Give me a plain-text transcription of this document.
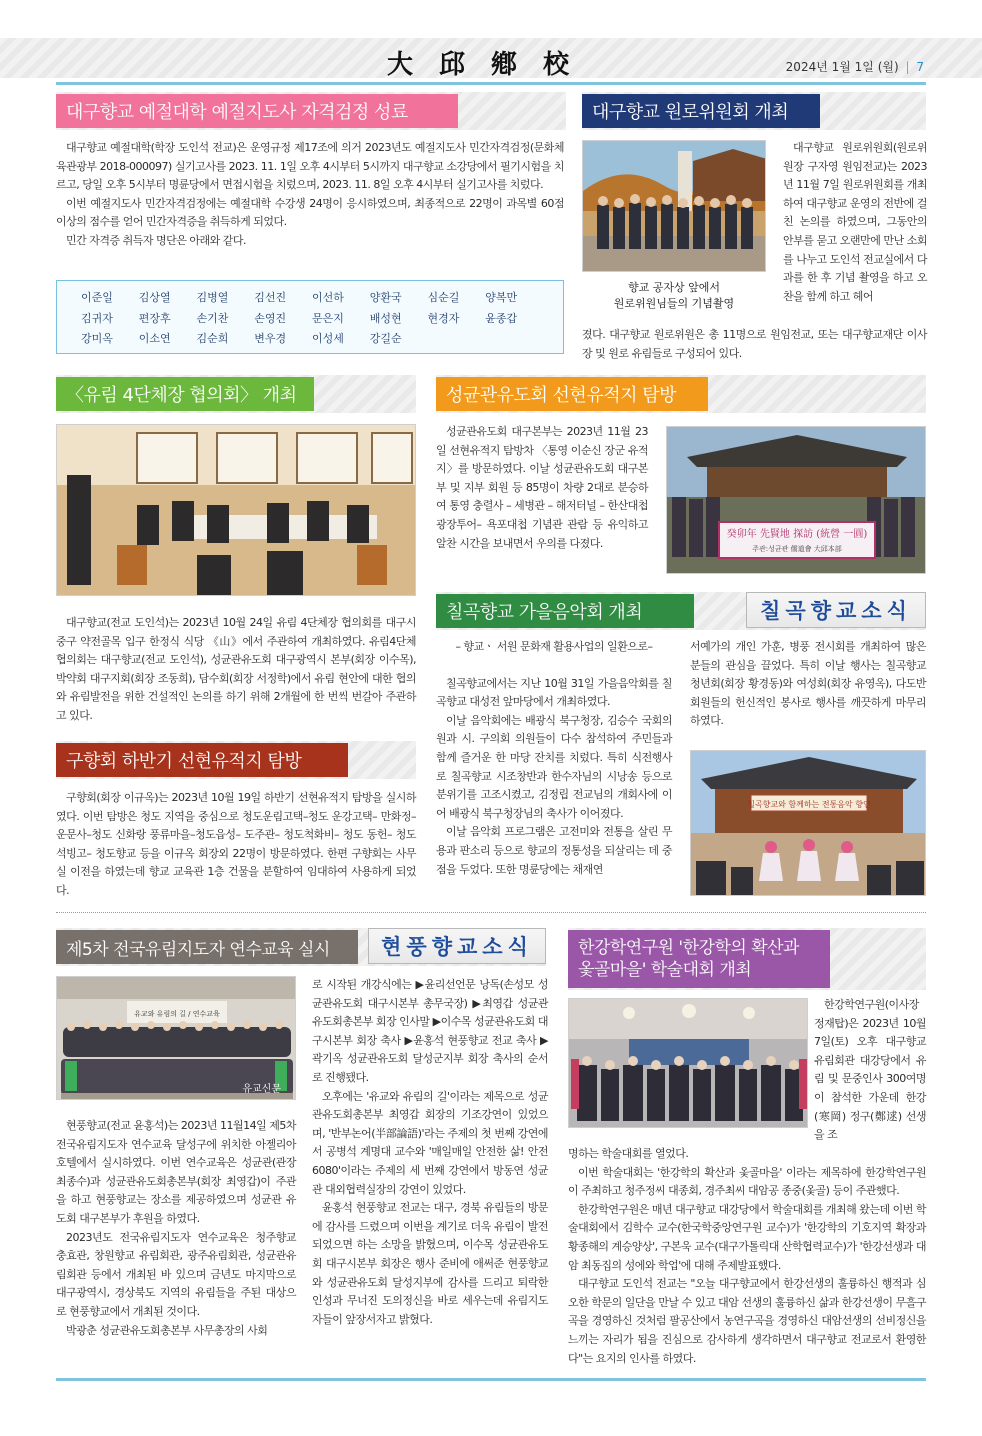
大邱鄕校	2024년 1월 1일 (월) | 7
대구향교 예절대학 예절지도사 자격검정 성료

대구향교 예절대학(학장 도인석 전교)은 운영규정 제17조에 의거 2023년도 예절지도사 민간자격검정(문화체육관광부 2018-000097) 실기고사를 2023. 11. 1일 오후 4시부터 5시까지 대구향교 소강당에서 필기시험을 치르고, 당일 오후 5시부터 명륜당에서 면접시험을 치렀으며, 2023. 11. 8일 오후 4시부터 실기고사를 치렀다.

이번 예절지도사 민간자격검정에는 예절대학 수강생 24명이 응시하였으며, 최종적으로 22명이 과목별 60점 이상의 점수를 얻어 민간자격증을 취득하게 되었다.

민간 자격증 취득자 명단은 아래와 같다.

이준일	김상열	김병열	김선진	이선하	양환국	심순길	양복만
김귀자	편장후	손기찬	손영진	문은지	배성현	현경자	윤종갑
강미옥	이소연	김순희	변우경	이성세	강길순
대구향교 원로위원회 개최
향교 공자상 앞에서
원로위원님들의 기념촬영

대구향교 원로위원회(원로위원장 구자영 원임전교)는 2023년 11월 7일 원로위원회를 개최하여 대구향교 운영의 전반에 걸친 논의를 하였으며, 그동안의 안부를 묻고 오랜만에 만난 소회를 나누고 도인석 전교실에서 다과를 한 후 기념 촬영을 하고 오찬을 함께 하고 헤어

졌다. 대구향교 원로위원은 총 11명으로 원임전교, 또는 대구향교재단 이사장 및 원로 유림들로 구성되어 있다.

〈유림 4단체장 협의회〉 개최

대구향교(전교 도인석)는 2023년 10월 24일 유림 4단체장 협의회를 대구시 중구 약전골목 입구 한정식 식당 《山》에서 주관하여 개최하였다. 유림4단체 협의회는 대구향교(전교 도인석), 성균관유도회 대구광역시 본부(회장 이수목), 박약회 대구지회(회장 조동희), 담수회(회장 서정학)에서 유림 현안에 대한 협의와 유림발전을 위한 건설적인 논의를 하기 위해 2개월에 한 번씩 번갈아 주관하고 있다.

성균관유도회 선현유적지 탐방

성균관유도회 대구본부는 2023년 11월 23일 선현유적지 탐방차 〈통영 이순신 장군 유적지〉를 방문하였다. 이날 성균관유도회 대구본부 및 지부 회원 등 85명이 차량 2대로 분승하여 통영 충렬사 – 세병관 – 해저터널 – 한산대첩 광장투어– 욕포대첩 기념관 관람 등 유익하고 알찬 시간을 보내면서 우의를 다졌다.

癸卯年 先賢地 探訪 (統營 一圓)
주관:성균관 儒道會 大邱本部
칠곡향교 가을음악회 개최	칠곡향교소식

– 향교ㆍ 서원 문화재 활용사업의 일환으로–

칠곡향교에서는 지난 10월 31일 가을음악회를 칠곡향교 대성전 앞마당에서 개최하였다.

이날 음악회에는 배광식 북구청장, 김승수 국회의원과 시. 구의회 의원들이 다수 참석하여 주민들과 함께 즐거운 한 마당 잔치를 치렀다. 특히 식전행사로 칠곡향교 시조창반과 한수자님의 시낭송 등으로 분위기를 고조시켰고, 김정립 전교님의 개회사에 이어 배광식 북구청장님의 축사가 이어졌다.

이날 음악회 프로그램은 고전미와 전통을 살린 무용과 판소리 등으로 향교의 정통성을 되살리는 데 중점을 두었다. 또한 명륜당에는 채재연

서예가의 개인 가훈, 병풍 전시회를 개최하여 많은 분들의 관심을 끌었다. 특히 이날 행사는 칠곡향교 청년회(회장 황경동)와 여성회(회장 유영옥), 다도반 회원들의 헌신적인 봉사로 행사를 깨끗하게 마무리하였다.

칠곡향교와 함께하는 전통음악 향연
구향회 하반기 선현유적지 탐방

구향회(회장 이규옥)는 2023년 10월 19일 하반기 선현유적지 탐방을 실시하였다. 이번 탐방은 청도 지역을 중심으로 청도운림고택–청도 운강고택– 만화정–운문사–청도 신화랑 풍류마을–청도읍성– 도주관– 청도척화비– 청도 동헌– 청도 석빙고– 청도향교 등을 이규옥 회장외 22명이 방문하였다. 한편 구향회는 사무실 이전을 하였는데 향교 교육관 1층 건물을 분할하여 임대하여 사용하게 되었다.

제5차 전국유림지도자 연수교육 실시	현풍향교소식
유교와 유림의 길 / 연수교육
유교신문

현풍향교(전교 윤홍석)는 2023년 11월14일 제5차 전국유림지도자 연수교육 달성구에 위치한 아젤리아호텔에서 실시하였다. 이번 연수교육은 성균관(관장 최종수)과 성균관유도회총본부(회장 최영갑)이 주관을 하고 현풍향교는 장소를 제공하였으며 성균관 유도회 대구본부가 후원을 하였다.

2023년도 전국유림지도자 연수교육은 청주향교 충효관, 창원향교 유림회관, 광주유림회관, 성균관유림회관 등에서 개최된 바 있으며 금년도 마지막으로 대구광역시, 경상북도 지역의 유림들을 주된 대상으로 현풍향교에서 개최된 것이다.

박광춘 성균관유도회총본부 사무총장의 사회

로 시작된 개강식에는 ▶윤리선언문 낭독(손성모 성균관유도회 대구시본부 총무국장) ▶최영갑 성균관유도회총본부 회장 인사말 ▶이수목 성균관유도회 대구시본부 회장 축사 ▶윤홍석 현풍향교 전교 축사 ▶곽기옥 성균관유도회 달성군지부 회장 축사의 순서로 진행됐다.

오후에는 '유교와 유림의 길'이라는 제목으로 성균관유도회총본부 최영갑 회장의 기조강연이 있었으며, '반부논어(半部論語)'라는 주제의 첫 번째 강연에서 공병석 계명대 교수와 '매일매일 안전한 삶! 안전 6080'이라는 주제의 세 번째 강연에서 방동연 성균관 대외협력실장의 강연이 있었다.

윤홍석 현풍향교 전교는 대구, 경북 유림들의 방문에 감사를 드렸으며 이번을 계기로 더욱 유림이 발전되었으면 하는 소망을 밝혔으며, 이수목 성균관유도회 대구시본부 회장은 행사 준비에 애써준 현풍향교와 성균관유도회 달성지부에 감사를 드리고 퇴락한 인성과 무너진 도의정신을 바로 세우는데 유림지도자들이 앞장서자고 밝혔다.

한강학연구원 '한강학의 확산과
옻골마을' 학술대회 개최

한강학연구원(이사장 정재탑)은 2023년 10월 7일(토) 오후 대구향교 유림회관 대강당에서 유림 및 문중인사 300여명이 참석한 가운데 한강(寒岡) 정구(鄭逑) 선생을 조

명하는 학술대회를 열었다.

이번 학술대회는 '한강학의 확산과 옻골마을' 이라는 제목하에 한강학연구원이 주최하고 청주정씨 대종회, 경주최씨 대암공 종중(옻골) 등이 주관했다.

한강학연구원은 매년 대구향교 대강당에서 학술대회를 개최해 왔는데 이번 학술대회에서 김학수 교수(한국학중앙연구원 교수)가 '한강학의 기호지역 확장과 황종해의 계승양상', 구본욱 교수(대구가톨릭대 산학협력교수)가 '한강선생과 대암 최동집의 성에와 학업'에 대해 주제발표했다.

대구향교 도인석 전교는 "오늘 대구향교에서 한강선생의 훌륭하신 행적과 심오한 학문의 일단을 만날 수 있고 대암 선생의 훌륭하신 삶과 한강선생이 무흘구곡을 경영하신 것처럼 팔공산에서 농연구곡을 경영하신 대암선생의 선비정신을 느끼는 자리가 됨을 진심으로 감사하게 생각하면서 대구향교 전교로서 환영한다"는 요지의 인사를 하였다.
